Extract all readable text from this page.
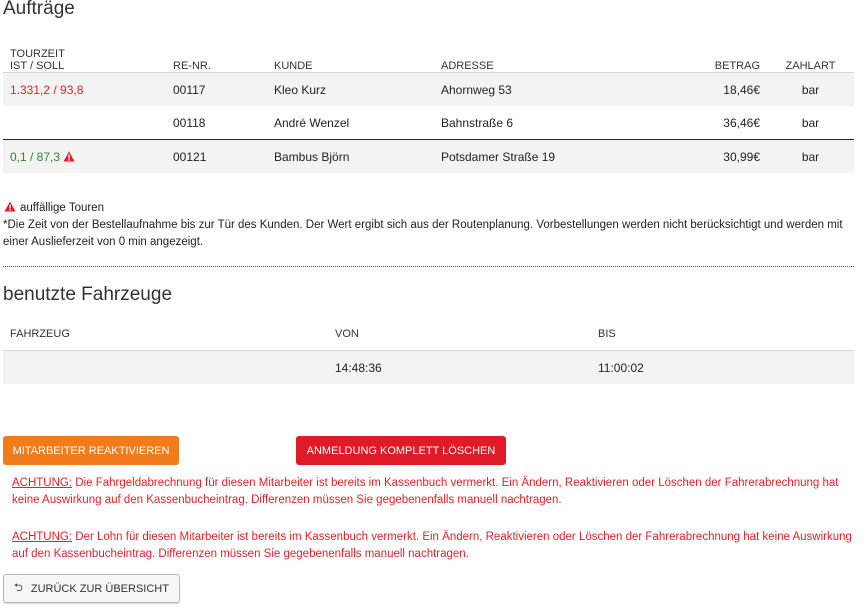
Aufträge
TOURZEIT
IST / SOLL	RE-NR.	KUNDE	ADRESSE	BETRAG	ZAHLART
1.331,2 / 93,8	00117	Kleo Kurz	Ahornweg 53	18,46€	bar
	00118	André Wenzel	Bahnstraße 6	36,46€	bar
0,1 / 87,3	00121	Bambus Björn	Potsdamer Straße 19	30,99€	bar
auffällige Touren
*Die Zeit von der Bestellaufnahme bis zur Tür des Kunden. Der Wert ergibt sich aus der Routenplanung. Vorbestellungen werden nicht berücksichtigt und werden mit einer Auslieferzeit von 0 min angezeigt.
benutzte Fahrzeuge
FAHRZEUG	VON	BIS
	14:48:36	11:00:02
MITARBEITER REAKTIVIEREN	ANMELDUNG KOMPLETT LÖSCHEN
ACHTUNG: Die Fahrgeldabrechnung für diesen Mitarbeiter ist bereits im Kassenbuch vermerkt. Ein Ändern, Reaktivieren oder Löschen der Fahrerabrechnung hat keine Auswirkung auf den Kassenbucheintrag. Differenzen müssen Sie gegebenenfalls manuell nachtragen.
ACHTUNG: Der Lohn für diesen Mitarbeiter ist bereits im Kassenbuch vermerkt. Ein Ändern, Reaktivieren oder Löschen der Fahrerabrechnung hat keine Auswirkung auf den Kassenbucheintrag. Differenzen müssen Sie gegebenenfalls manuell nachtragen.
⮌ ZURÜCK ZUR ÜBERSICHT
